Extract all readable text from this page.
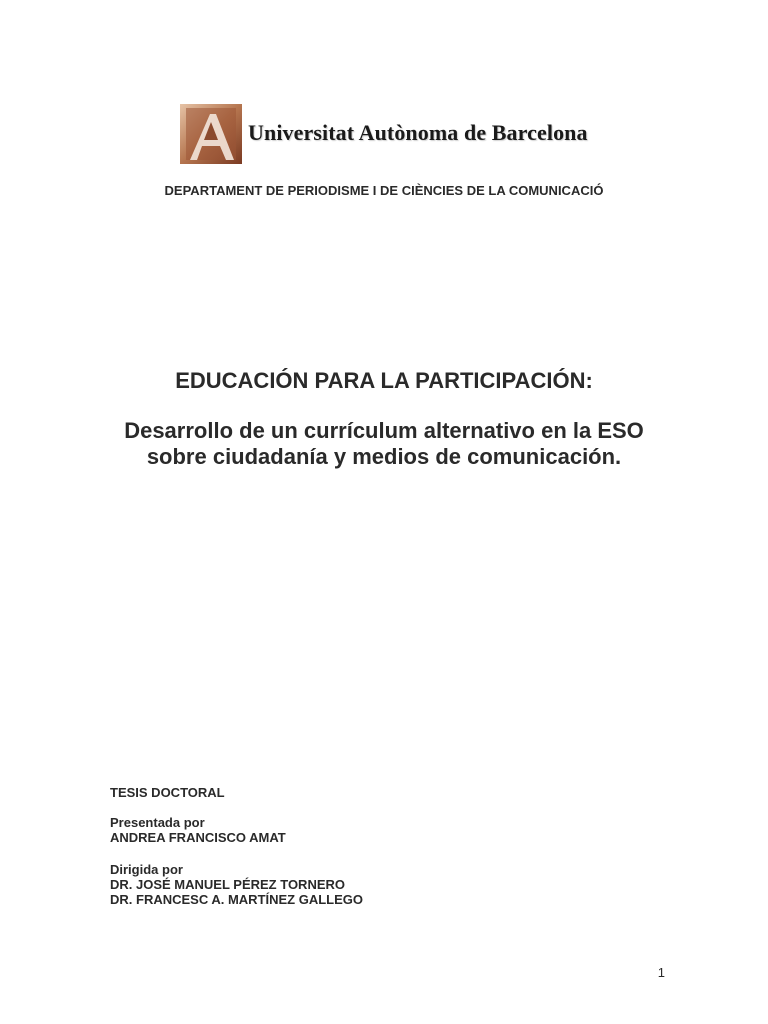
Universitat Autònoma de Barcelona
DEPARTAMENT DE PERIODISME I DE CIÈNCIES DE LA COMUNICACIÓ
EDUCACIÓN PARA LA PARTICIPACIÓN:
Desarrollo de un currículum alternativo en la ESO
sobre ciudadanía y medios de comunicación.
TESIS DOCTORAL
Presentada por
ANDREA FRANCISCO AMAT
Dirigida por
DR. JOSÉ MANUEL PÉREZ TORNERO
DR. FRANCESC A. MARTÍNEZ GALLEGO
1
